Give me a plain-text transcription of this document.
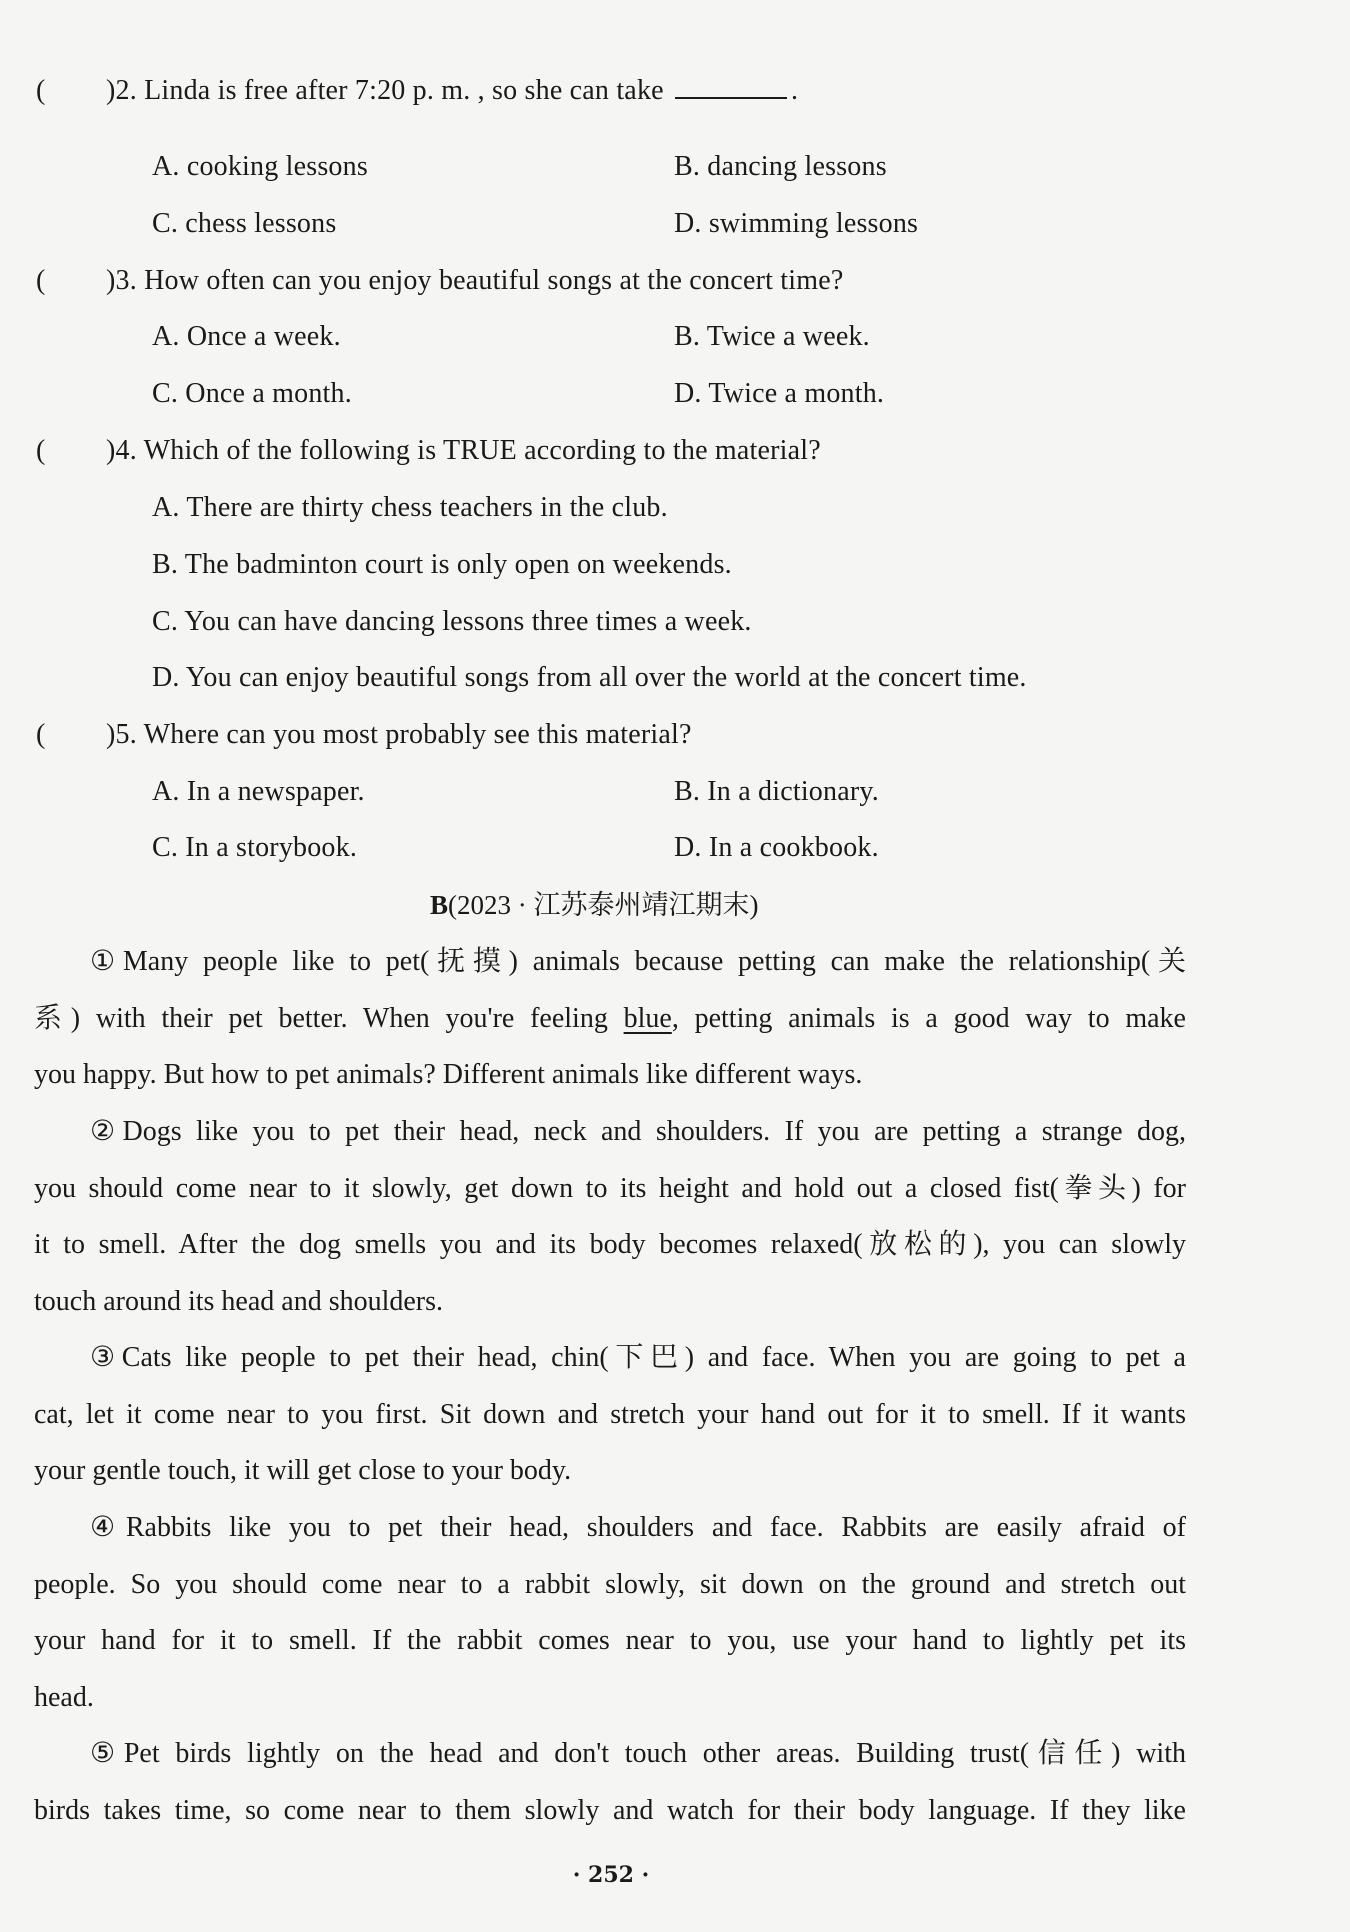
( )2. Linda is free after 7:20 p. m. , so she can take	.
A. cooking lessons	B. dancing lessons
C. chess lessons	D. swimming lessons
( )3. How often can you enjoy beautiful songs at the concert time?
A. Once a week.	B. Twice a week.
C. Once a month.	D. Twice a month.
( )4. Which of the following is TRUE according to the material?
A. There are thirty chess teachers in the club.
B. The badminton court is only open on weekends.
C. You can have dancing lessons three times a week.
D. You can enjoy beautiful songs from all over the world at the concert time.
( )5. Where can you most probably see this material?
A. In a newspaper.	B. In a dictionary.
C. In a storybook.	D. In a cookbook.
B(2023 · 江苏泰州靖江期末)
①Many people like to pet(抚摸) animals because petting can make the relationship(关
系) with their pet better. When you're feeling blue, petting animals is a good way to make
you happy. But how to pet animals? Different animals like different ways.
②Dogs like you to pet their head, neck and shoulders. If you are petting a strange dog,
you should come near to it slowly, get down to its height and hold out a closed fist(拳头) for
it to smell. After the dog smells you and its body becomes relaxed(放松的), you can slowly
touch around its head and shoulders.
③Cats like people to pet their head, chin(下巴) and face. When you are going to pet a
cat, let it come near to you first. Sit down and stretch your hand out for it to smell. If it wants
your gentle touch, it will get close to your body.
④Rabbits like you to pet their head, shoulders and face. Rabbits are easily afraid of
people. So you should come near to a rabbit slowly, sit down on the ground and stretch out
your hand for it to smell. If the rabbit comes near to you, use your hand to lightly pet its
head.
⑤Pet birds lightly on the head and don't touch other areas. Building trust(信任) with
birds takes time, so come near to them slowly and watch for their body language. If they like
· 252 ·
